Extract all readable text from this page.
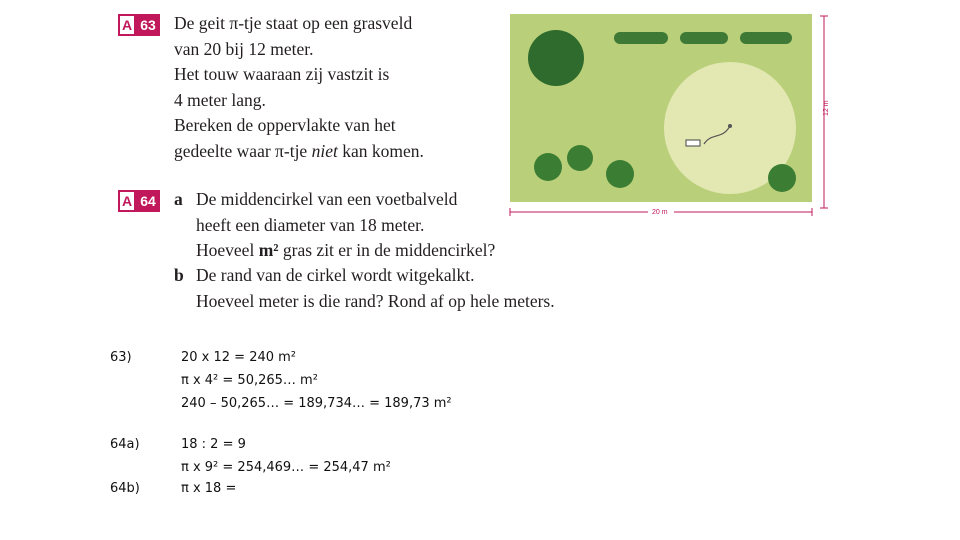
A 63 De geit π-tje staat op een grasveld
van 20 bij 12 meter.
Het touw waaraan zij vastzit is
4 meter lang.
Bereken de oppervlakte van het
gedeelte waar π-tje niet kan komen.
A 64 a De middencirkel van een voetbalveld
heeft een diameter van 18 meter.
Hoeveel m² gras zit er in de middencirkel?
b De rand van de cirkel wordt witgekalkt.
Hoeveel meter is die rand? Rond af op hele meters.
12 m
20 m
63)	20 x 12 = 240 m²
π x 4² = 50,265… m²
240 – 50,265… = 189,734… = 189,73 m²
64a)	18 : 2 = 9
π x 9² = 254,469… = 254,47 m²
64b)	π x 18 =
